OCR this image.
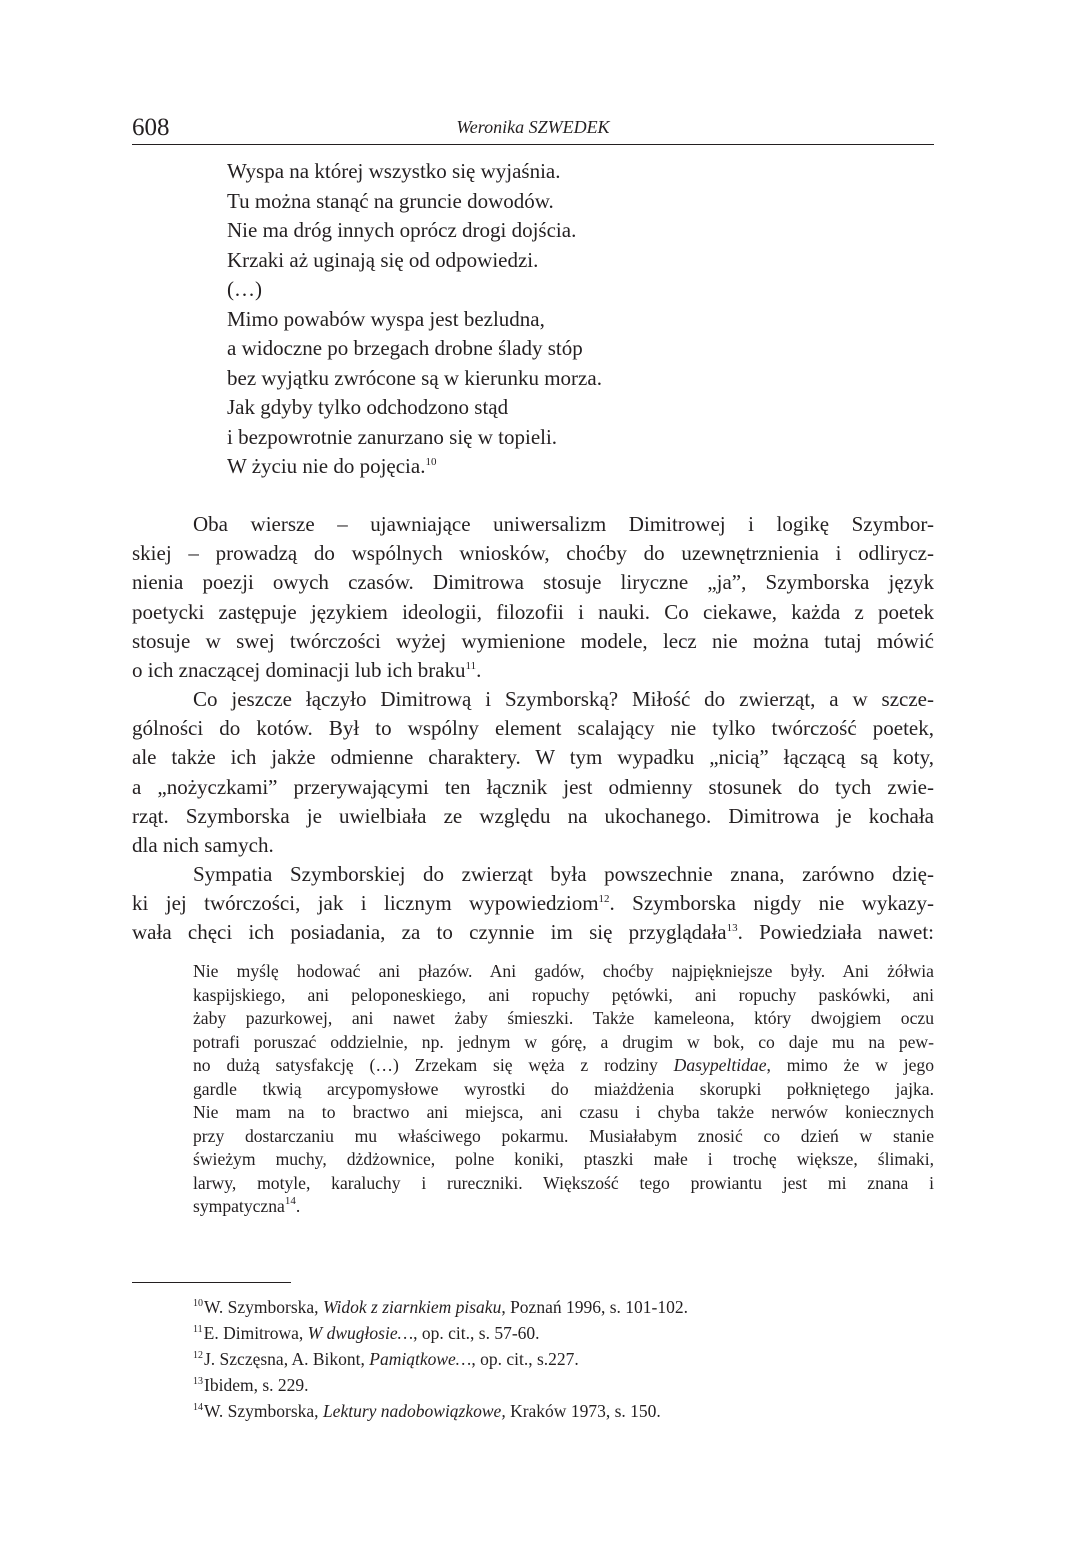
608	Weronika SZWEDEK
Wyspa na której wszystko się wyjaśnia.
Tu można stanąć na gruncie dowodów.
Nie ma dróg innych oprócz drogi dojścia.
Krzaki aż uginają się od odpowiedzi.
(…)
Mimo powabów wyspa jest bezludna,
a widoczne po brzegach drobne ślady stóp
bez wyjątku zwrócone są w kierunku morza.
Jak gdyby tylko odchodzono stąd
i bezpowrotnie zanurzano się w topieli.
W życiu nie do pojęcia.$^{10}$
Oba wiersze – ujawniające uniwersalizm Dimitrowej i logikę Szymbor-
skiej – prowadzą do wspólnych wniosków, choćby do uzewnętrznienia i odlirycz-
nienia poezji owych czasów. Dimitrowa stosuje liryczne „ja”, Szymborska język
poetycki zastępuje językiem ideologii, filozofii i nauki. Co ciekawe, każda z poetek
stosuje w swej twórczości wyżej wymienione modele, lecz nie można tutaj mówić
o ich znaczącej dominacji lub ich braku$^{11}$.
Co jeszcze łączyło Dimitrową i Szymborską? Miłość do zwierząt, a w szcze-
gólności do kotów. Był to wspólny element scalający nie tylko twórczość poetek,
ale także ich jakże odmienne charaktery. W tym wypadku „nicią” łączącą są koty,
a „nożyczkami” przerywającymi ten łącznik jest odmienny stosunek do tych zwie-
rząt. Szymborska je uwielbiała ze względu na ukochanego. Dimitrowa je kochała
dla nich samych.
Sympatia Szymborskiej do zwierząt była powszechnie znana, zarówno dzię-
ki jej twórczości, jak i licznym wypowiedziom$^{12}$. Szymborska nigdy nie wykazy-
wała chęci ich posiadania, za to czynnie im się przyglądała$^{13}$. Powiedziała nawet:
Nie myślę hodować ani płazów. Ani gadów, choćby najpiękniejsze były. Ani żółwia
kaspijskiego, ani peloponeskiego, ani ropuchy pętówki, ani ropuchy paskówki, ani
żaby pazurkowej, ani nawet żaby śmieszki. Także kameleona, który dwojgiem oczu
potrafi poruszać oddzielnie, np. jednym w górę, a drugim w bok, co daje mu na pew-
no dużą satysfakcję (…) Zrzekam się węża z rodziny Dasypeltidae, mimo że w jego
gardle tkwią arcypomysłowe wyrostki do miażdżenia skorupki połkniętego jajka.
Nie mam na to bractwo ani miejsca, ani czasu i chyba także nerwów koniecznych
przy dostarczaniu mu właściwego pokarmu. Musiałabym znosić co dzień w stanie
świeżym muchy, dżdżownice, polne koniki, ptaszki małe i trochę większe, ślimaki,
larwy, motyle, karaluchy i rureczniki. Większość tego prowiantu jest mi znana i
sympatyczna$^{14}$.
$^{10}$W. Szymborska, Widok z ziarnkiem pisaku, Poznań 1996, s. 101-102.
$^{11}$E. Dimitrowa, W dwugłosie…, op. cit., s. 57-60.
$^{12}$J. Szczęsna, A. Bikont, Pamiątkowe…, op. cit., s.227.
$^{13}$Ibidem, s. 229.
$^{14}$W. Szymborska, Lektury nadobowiązkowe, Kraków 1973, s. 150.
